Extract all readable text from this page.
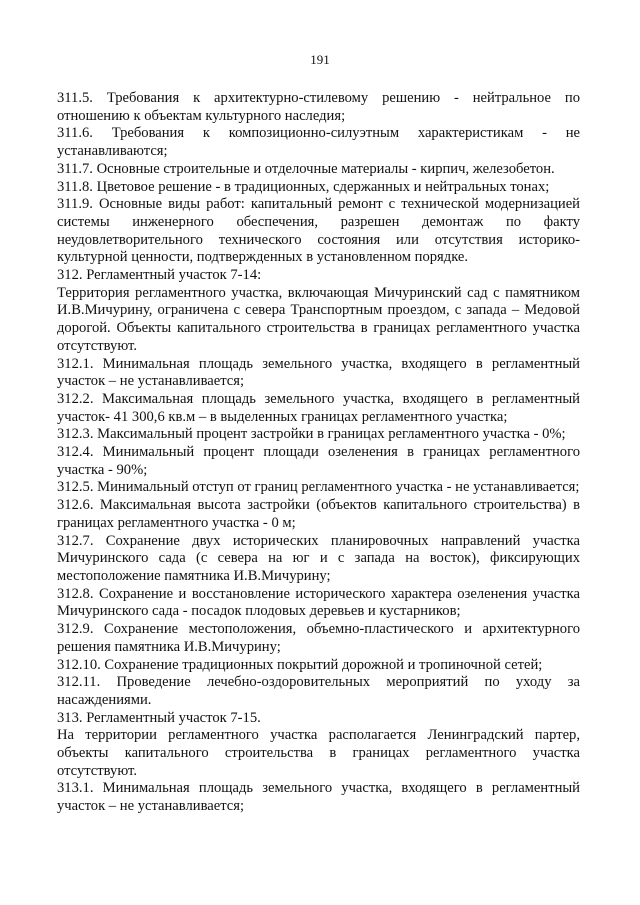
191

311.5. Требования к архитектурно-стилевому решению - нейтральное по отношению к объектам культурного наследия;

311.6. Требования к композиционно-силуэтным характеристикам - не устанавливаются;

311.7. Основные строительные и отделочные материалы - кирпич, железобетон.

311.8. Цветовое решение - в традиционных, сдержанных и нейтральных тонах;

311.9. Основные виды работ: капитальный ремонт с технической модернизацией системы инженерного обеспечения, разрешен демонтаж по факту неудовлетворительного технического состояния или отсутствия историко-культурной ценности, подтвержденных в установленном порядке.

312. Регламентный участок 7-14:

Территория регламентного участка, включающая Мичуринский сад с памятником И.В.Мичурину, ограничена с севера Транспортным проездом, с запада – Медовой дорогой. Объекты капитального строительства в границах регламентного участка отсутствуют.

312.1. Минимальная площадь земельного участка, входящего в регламентный участок – не устанавливается;

312.2. Максимальная площадь земельного участка, входящего в регламентный участок- 41 300,6 кв.м – в выделенных границах регламентного участка;

312.3. Максимальный процент застройки в границах регламентного участка - 0%;

312.4. Минимальный процент площади озеленения в границах регламентного участка - 90%;

312.5. Минимальный отступ от границ регламентного участка - не устанавливается;

312.6. Максимальная высота застройки (объектов капитального строительства) в границах регламентного участка - 0 м;

312.7. Сохранение двух исторических планировочных направлений участка Мичуринского сада (с севера на юг и с запада на восток), фиксирующих местоположение памятника И.В.Мичурину;

312.8. Сохранение и восстановление исторического характера озеленения участка Мичуринского сада - посадок плодовых деревьев и кустарников;

312.9. Сохранение местоположения, объемно-пластического и архитектурного решения памятника И.В.Мичурину;

312.10. Сохранение традиционных покрытий дорожной и тропиночной сетей;

312.11. Проведение лечебно-оздоровительных мероприятий по уходу за насаждениями.

313. Регламентный участок 7-15.

На территории регламентного участка располагается Ленинградский партер, объекты капитального строительства в границах регламентного участка отсутствуют.

313.1. Минимальная площадь земельного участка, входящего в регламентный участок – не устанавливается;
